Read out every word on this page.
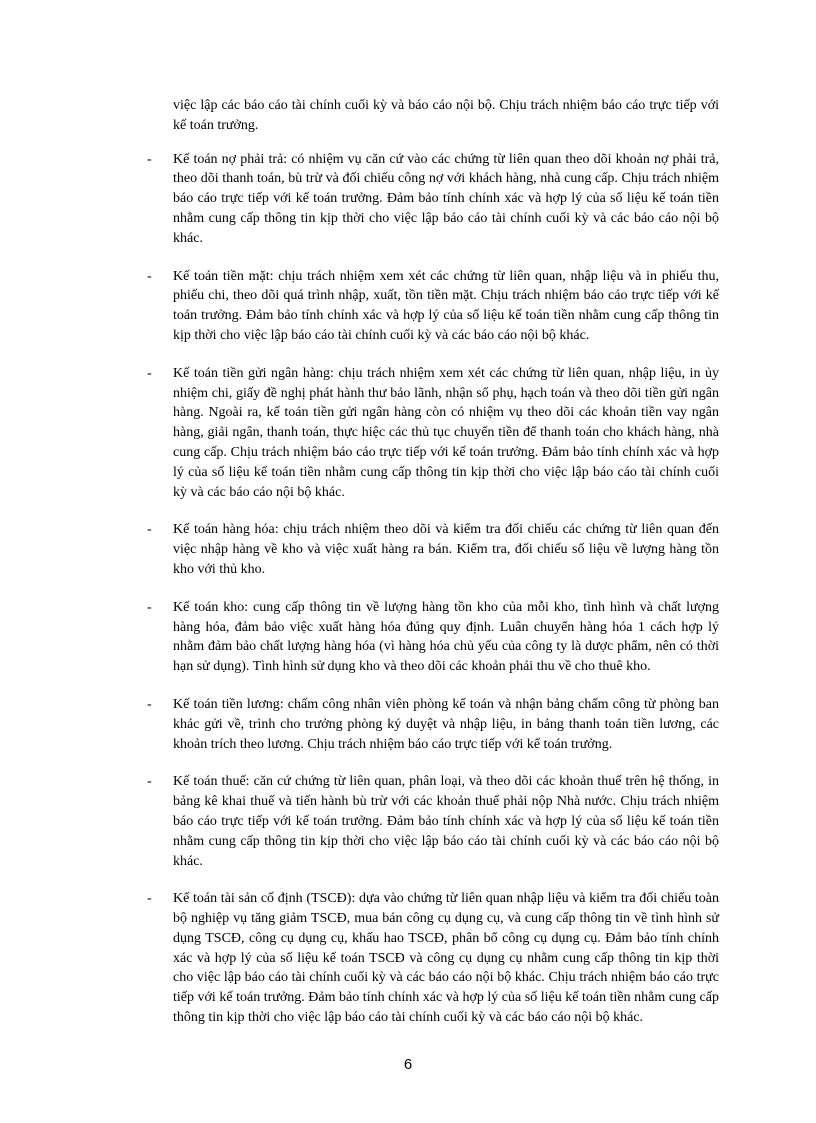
việc lập các báo cáo tài chính cuối kỳ và báo cáo nội bộ. Chịu trách nhiệm báo cáo trực tiếp với kế toán trưởng.

-	Kế toán nợ phải trả: có nhiệm vụ căn cứ vào các chứng từ liên quan theo dõi khoản nợ phải trả, theo dõi thanh toán, bù trừ và đối chiếu công nợ với khách hàng, nhà cung cấp. Chịu trách nhiệm báo cáo trực tiếp với kế toán trưởng. Đảm bảo tính chính xác và hợp lý của số liệu kế toán tiền nhằm cung cấp thông tin kịp thời cho việc lập báo cáo tài chính cuối kỳ và các báo cáo nội bộ khác.

-	Kế toán tiền mặt: chịu trách nhiệm xem xét các chứng từ liên quan, nhập liệu và in phiếu thu, phiếu chi, theo dõi quá trình nhập, xuất, tồn tiền mặt. Chịu trách nhiệm báo cáo trực tiếp với kế toán trưởng. Đảm bảo tính chính xác và hợp lý của số liệu kế toán tiền nhằm cung cấp thông tin kịp thời cho việc lập báo cáo tài chính cuối kỳ và các báo cáo nội bộ khác.

-	Kế toán tiền gửi ngân hàng: chịu trách nhiệm xem xét các chứng từ liên quan, nhập liệu, in ủy nhiệm chi, giấy đề nghị phát hành thư bảo lãnh, nhận sổ phụ, hạch toán và theo dõi tiền gửi ngân hàng. Ngoài ra, kế toán tiền gửi ngân hàng còn có nhiệm vụ theo dõi các khoản tiền vay ngân hàng, giải ngân, thanh toán, thực hiệc các thủ tục chuyển tiền để thanh toán cho khách hàng, nhà cung cấp. Chịu trách nhiệm báo cáo trực tiếp với kế toán trưởng. Đảm bảo tính chính xác và hợp lý của số liệu kế toán tiền nhằm cung cấp thông tin kịp thời cho việc lập báo cáo tài chính cuối kỳ và các báo cáo nội bộ khác.

-	Kế toán hàng hóa: chịu trách nhiệm theo dõi và kiểm tra đối chiếu các chứng từ liên quan đến việc nhập hàng về kho và việc xuất hàng ra bán. Kiểm tra, đối chiếu số liệu về lượng hàng tồn kho với thủ kho.

-	Kế toán kho: cung cấp thông tin về lượng hàng tồn kho của mỗi kho, tình hình và chất lượng hàng hóa, đảm bảo việc xuất hàng hóa đúng quy định. Luân chuyển hàng hóa 1 cách hợp lý nhằm đảm bảo chất lượng hàng hóa (vì hàng hóa chủ yếu của công ty là dược phẩm, nên có thời hạn sử dụng). Tình hình sử dụng kho và theo dõi các khoản phải thu về cho thuê kho.

-	Kế toán tiền lương: chấm công nhân viên phòng kế toán và nhận bảng chấm công từ phòng ban khác gửi về, trình cho trưởng phòng ký duyệt và nhập liệu, in bảng thanh toán tiền lương, các khoản trích theo lương. Chịu trách nhiệm báo cáo trực tiếp với kế toán trưởng.

-	Kế toán thuế: căn cứ chứng từ liên quan, phân loại, và theo dõi các khoản thuế trên hệ thống, in bảng kê khai thuế và tiến hành bù trừ với các khoản thuế phải nộp Nhà nước. Chịu trách nhiệm báo cáo trực tiếp với kế toán trưởng. Đảm bảo tính chính xác và hợp lý của số liệu kế toán tiền nhằm cung cấp thông tin kịp thời cho việc lập báo cáo tài chính cuối kỳ và các báo cáo nội bộ khác.

-	Kế toán tài sản cố định (TSCĐ): dựa vào chứng từ liên quan nhập liệu và kiểm tra đối chiếu toàn bộ nghiệp vụ tăng giảm TSCĐ, mua bán công cụ dụng cụ, và cung cấp thông tin về tình hình sử dụng TSCĐ, công cụ dụng cụ, khấu hao TSCĐ, phân bổ công cụ dụng cụ. Đảm bảo tính chính xác và hợp lý của số liệu kế toán TSCĐ và công cụ dụng cụ nhằm cung cấp thông tin kịp thời cho việc lập báo cáo tài chính cuối kỳ và các báo cáo nội bộ khác. Chịu trách nhiệm báo cáo trực tiếp với kế toán trưởng. Đảm bảo tính chính xác và hợp lý của số liệu kế toán tiền nhằm cung cấp thông tin kịp thời cho việc lập báo cáo tài chính cuối kỳ và các báo cáo nội bộ khác.

6
